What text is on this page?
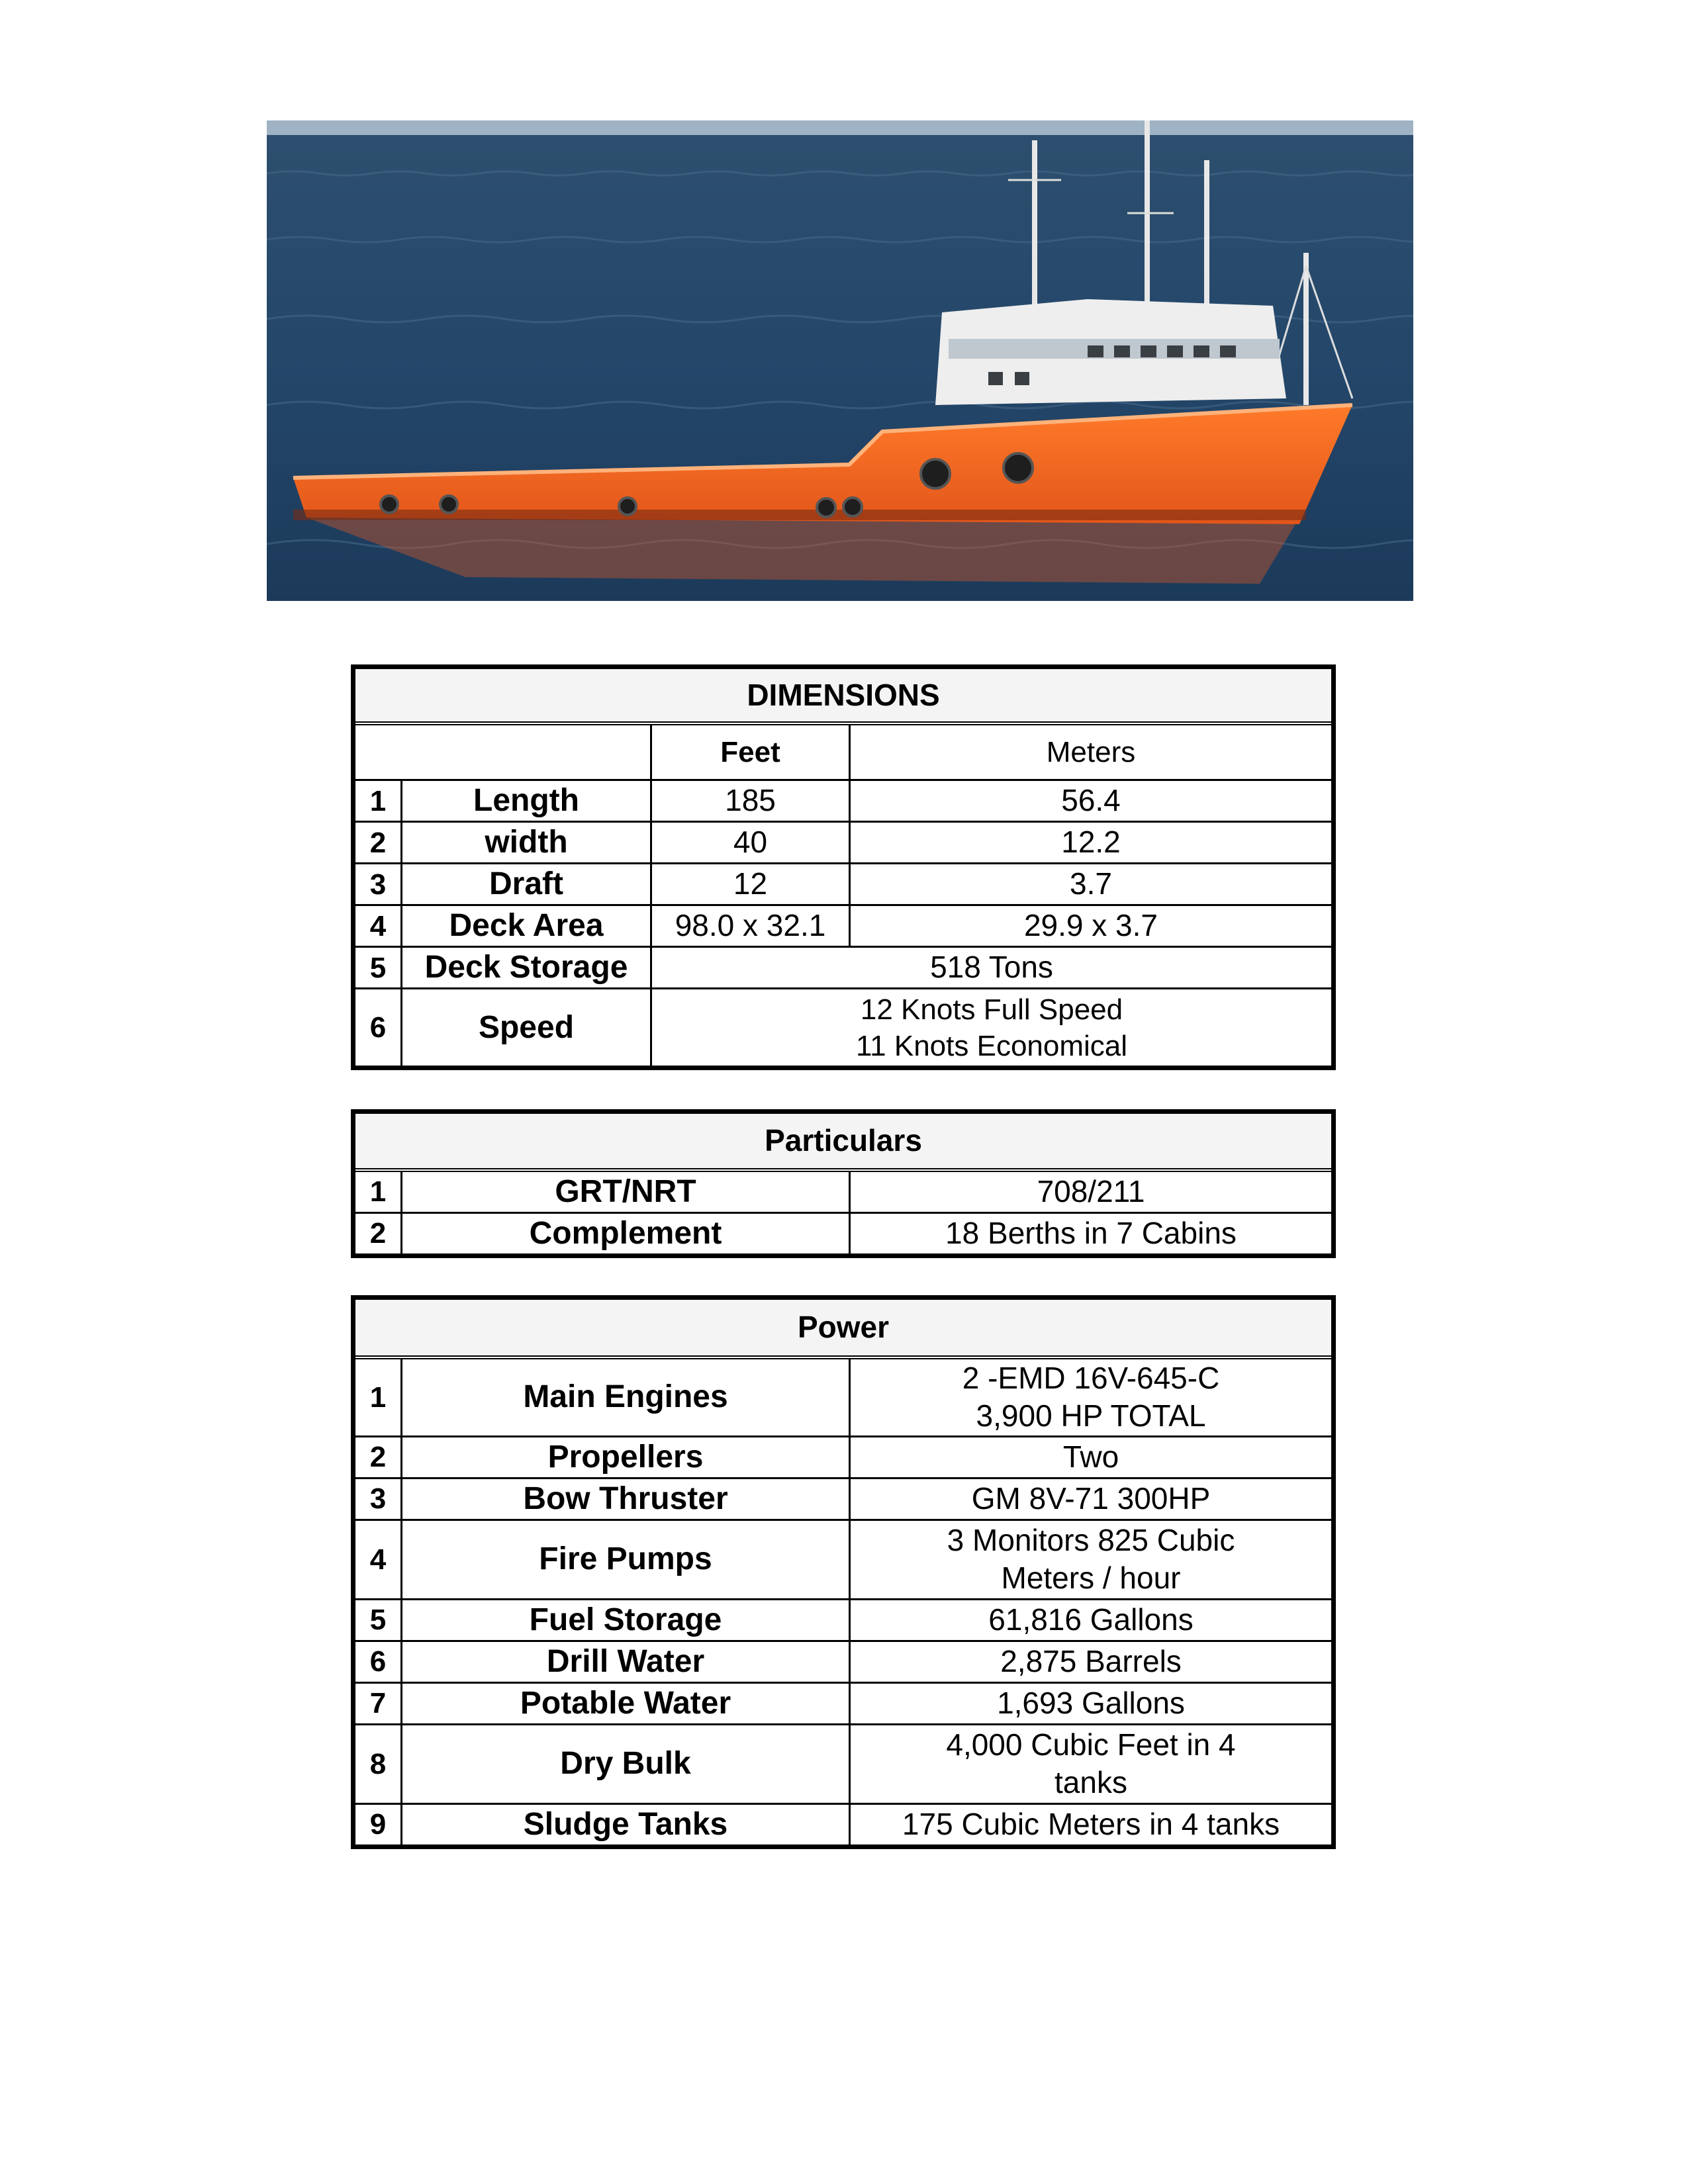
DIMENSIONS			
		Feet	Meters
1	Length	185	56.4
2	width	40	12.2
3	Draft	12	3.7
4	Deck Area	98.0 x 32.1	29.9 x 3.7
5	Deck Storage	518 Tons	
6	Speed	12 Knots Full Speed
11 Knots Economical	
Particulars		
1	GRT/NRT	708/211
2	Complement	18 Berths in 7 Cabins
Power		
1	Main Engines	2 -EMD 16V-645-C
3,900 HP TOTAL

2	Propellers	Two
3	Bow Thruster	GM 8V-71 300HP
4	Fire Pumps	3 Monitors 825 Cubic
Meters / hour

5	Fuel Storage	61,816 Gallons
6	Drill Water	2,875 Barrels
7	Potable Water	1,693 Gallons
8	Dry Bulk	4,000 Cubic Feet in 4
tanks

9	Sludge Tanks	175 Cubic Meters in 4 tanks
